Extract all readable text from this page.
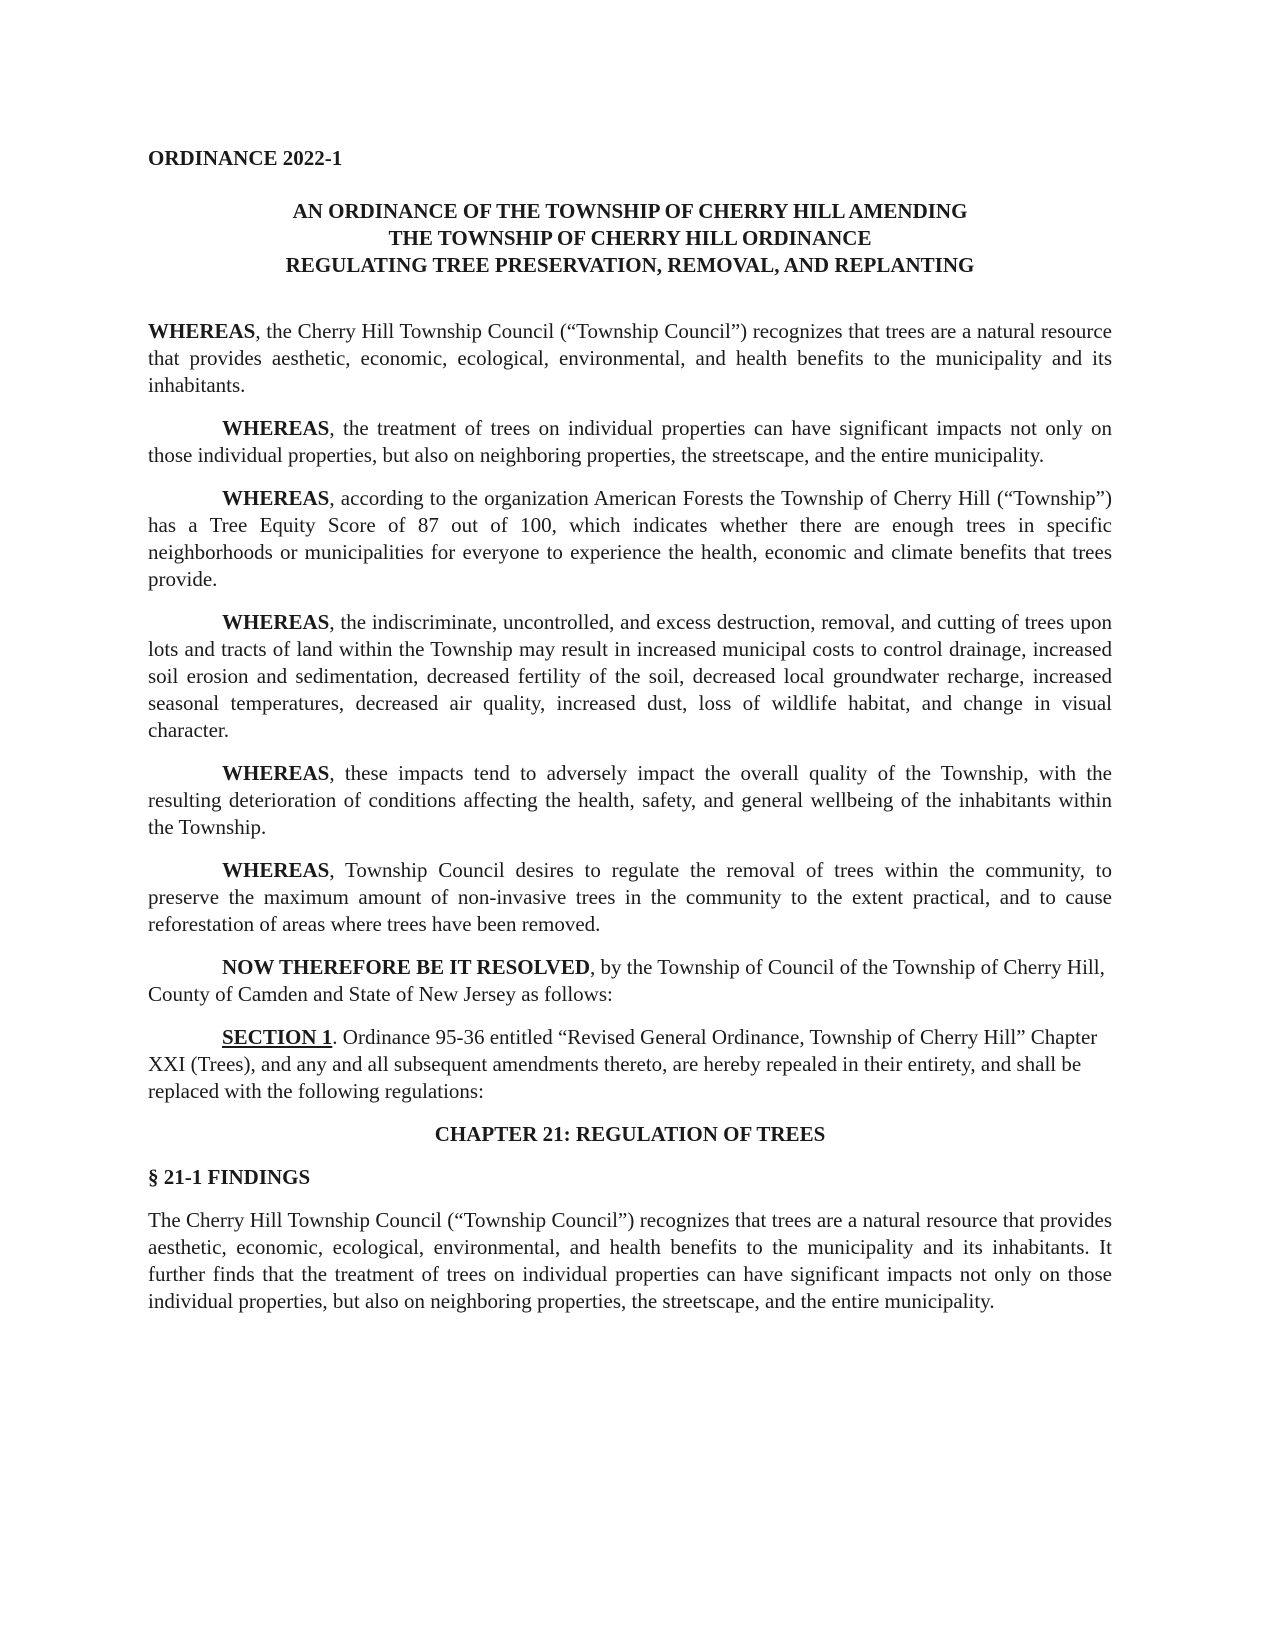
ORDINANCE 2022-1
AN ORDINANCE OF THE TOWNSHIP OF CHERRY HILL AMENDING
THE TOWNSHIP OF CHERRY HILL ORDINANCE
REGULATING TREE PRESERVATION, REMOVAL, AND REPLANTING

WHEREAS, the Cherry Hill Township Council (“Township Council”) recognizes that trees are a natural resource that provides aesthetic, economic, ecological, environmental, and health benefits to the municipality and its inhabitants.

WHEREAS, the treatment of trees on individual properties can have significant impacts not only on those individual properties, but also on neighboring properties, the streetscape, and the entire municipality.

WHEREAS, according to the organization American Forests the Township of Cherry Hill (“Township”) has a Tree Equity Score of 87 out of 100, which indicates whether there are enough trees in specific neighborhoods or municipalities for everyone to experience the health, economic and climate benefits that trees provide.

WHEREAS, the indiscriminate, uncontrolled, and excess destruction, removal, and cutting of trees upon lots and tracts of land within the Township may result in increased municipal costs to control drainage, increased soil erosion and sedimentation, decreased fertility of the soil, decreased local groundwater recharge, increased seasonal temperatures, decreased air quality, increased dust, loss of wildlife habitat, and change in visual character.

WHEREAS, these impacts tend to adversely impact the overall quality of the Township, with the resulting deterioration of conditions affecting the health, safety, and general wellbeing of the inhabitants within the Township.

WHEREAS, Township Council desires to regulate the removal of trees within the community, to preserve the maximum amount of non-invasive trees in the community to the extent practical, and to cause reforestation of areas where trees have been removed.

NOW THEREFORE BE IT RESOLVED, by the Township of Council of the Township of Cherry Hill, County of Camden and State of New Jersey as follows:

SECTION 1. Ordinance 95-36 entitled “Revised General Ordinance, Township of Cherry Hill” Chapter XXI (Trees), and any and all subsequent amendments thereto, are hereby repealed in their entirety, and shall be replaced with the following regulations:

CHAPTER 21: REGULATION OF TREES
§ 21-1 FINDINGS

The Cherry Hill Township Council (“Township Council”) recognizes that trees are a natural resource that provides aesthetic, economic, ecological, environmental, and health benefits to the municipality and its inhabitants. It further finds that the treatment of trees on individual properties can have significant impacts not only on those individual properties, but also on neighboring properties, the streetscape, and the entire municipality.
